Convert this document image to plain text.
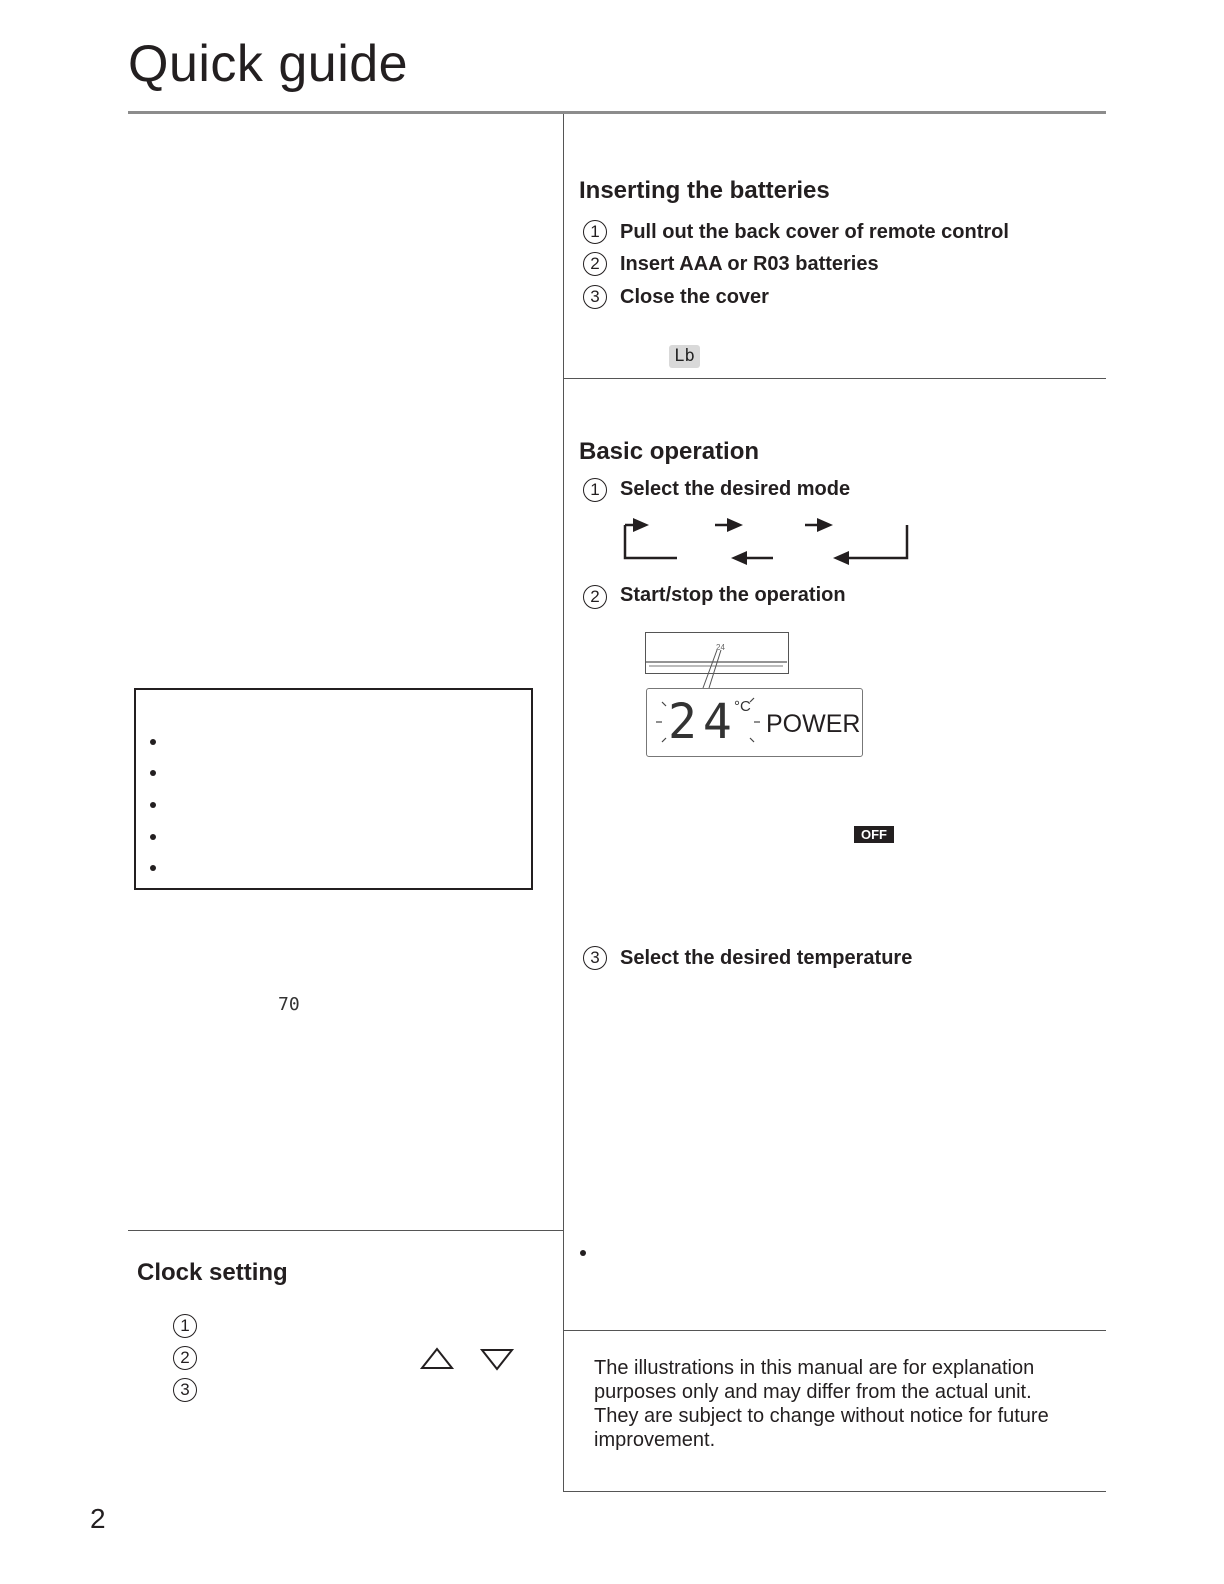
Quick guide
Inserting the batteries
1	Pull out the back cover of remote control
2	Insert AAA or R03 batteries
3	Close the cover
Lb
Basic operation
1	Select the desired mode
2	Start/stop the operation
24
24
°C
POWER
OFF
3	Select the desired temperature
70
Clock setting
1
2
3
The illustrations in this manual are for explanation purposes only and may differ from the actual unit. They are subject to change without notice for future improvement.
2
